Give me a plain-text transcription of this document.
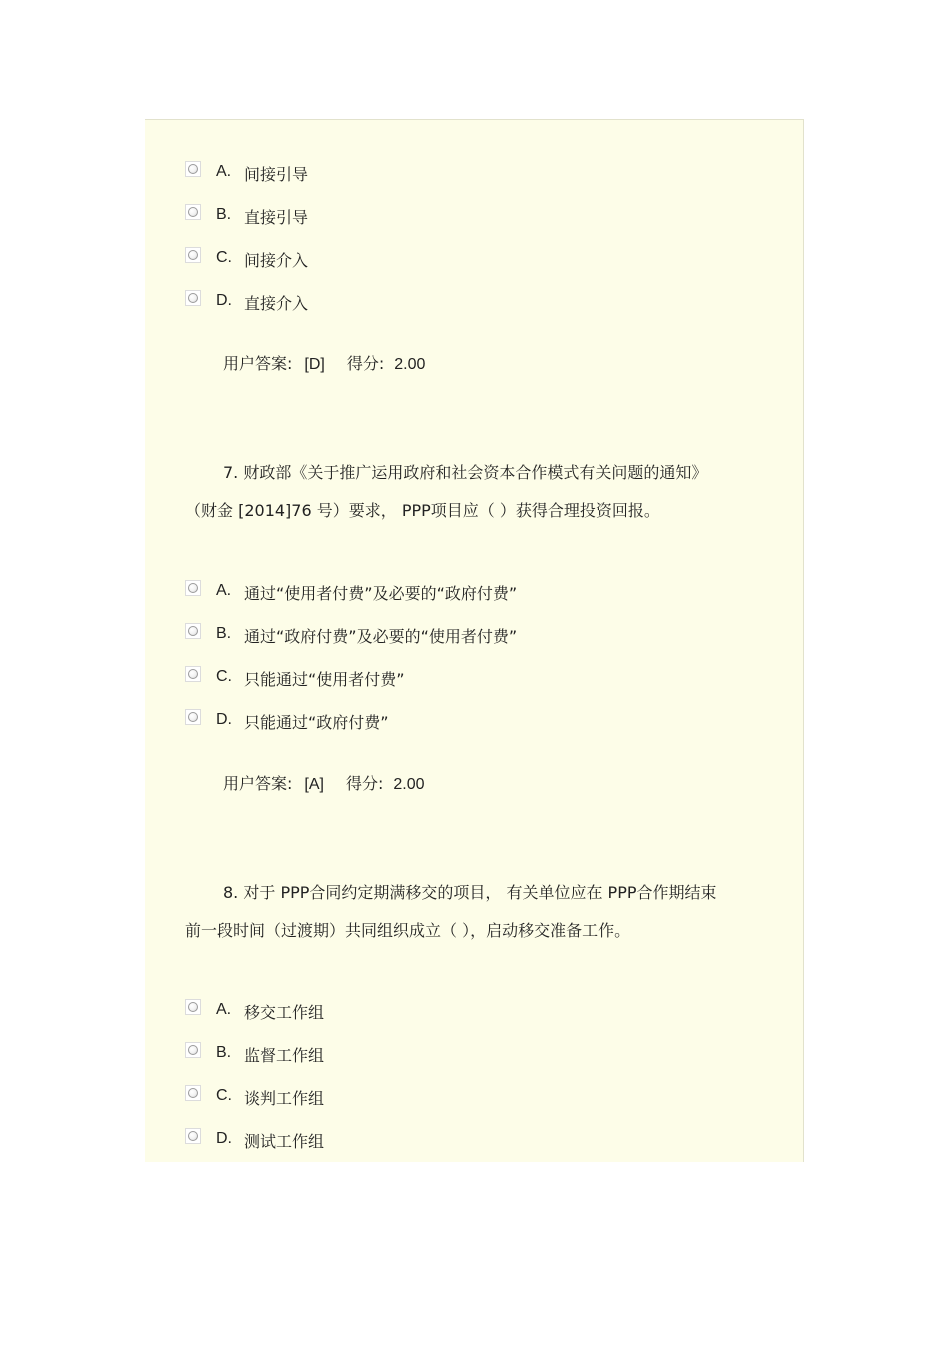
A. 间接引导
B. 直接引导
C. 间接介入
D. 直接介入
用户答案: [D] 得分: 2.00
7. 财政部《关于推广运用政府和社会资本合作模式有关问题的通知》
（财金 [2014]76 号）要求， PPP项目应（ ）获得合理投资回报。
A. 通过“使用者付费”及必要的“政府付费”
B. 通过“政府付费”及必要的“使用者付费”
C. 只能通过“使用者付费”
D. 只能通过“政府付费”
用户答案: [A] 得分: 2.00
8. 对于 PPP合同约定期满移交的项目， 有关单位应在 PPP合作期结束
前一段时间（过渡期）共同组织成立（ ），启动移交准备工作。
A. 移交工作组
B. 监督工作组
C. 谈判工作组
D. 测试工作组
